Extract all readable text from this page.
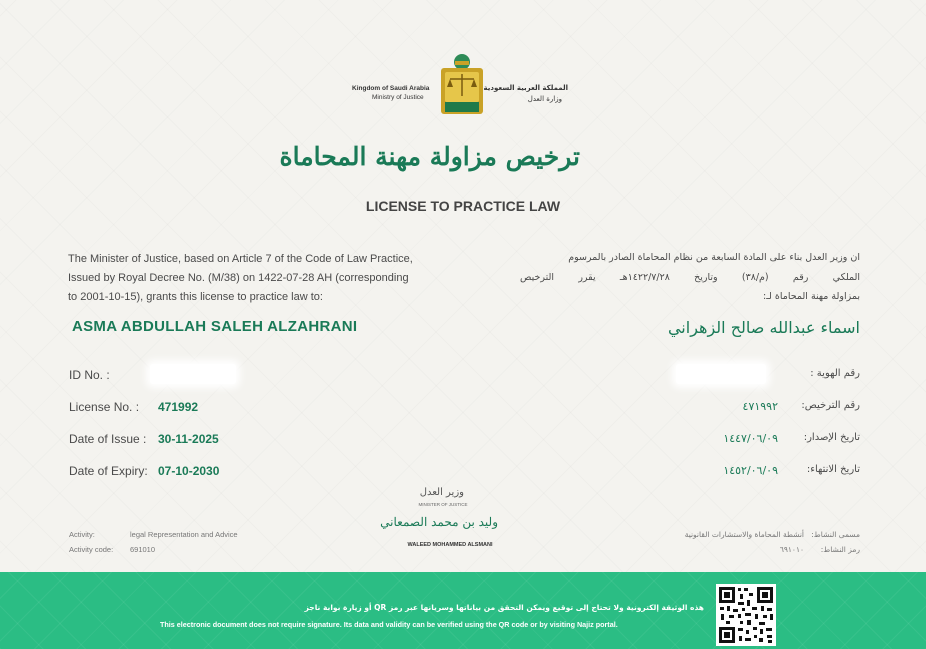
Kingdom of Saudi Arabia
Ministry of Justice
المملكة العربية السعودية
وزارة العدل
ترخيص مزاولة مهنة المحاماة
LICENSE TO PRACTICE LAW
The Minister of Justice, based on Article 7 of the Code of Law Practice,
Issued by Royal Decree No. (M/38) on 1422-07-28 AH (corresponding
to 2001-10-15), grants this license to practice law to:
ان وزير العدل بناء على المادة السابعة من نظام المحاماة الصادر بالمرسوم
الملكي رقم (م/٣٨) وتاريخ ١٤٢٢/٧/٢٨هـ يقرر الترخيص
بمزاولة مهنة المحاماة لـ:
ASMA ABDULLAH SALEH ALZAHRANI	اسماء عبدالله صالح الزهراني
ID No. :	رقم الهوية :
License No. : 471992	٤٧١٩٩٢	رقم الترخيص:
Date of Issue : 30-11-2025	١٤٤٧/٠٦/٠٩	تاريخ الإصدار:
Date of Expiry: 07-10-2030	١٤٥٢/٠٦/٠٩	تاريخ الانتهاء:
وزير العدل
MINISTER OF JUSTICE
وليد بن محمد الصمعاني
WALEED MOHAMMED ALSMANI
Activity:	legal Representation and Advice
Activity code: 691010
أنشطة المحاماة والاستشارات القانونية مسمى النشاط:
٦٩١٠١٠	رمز النشاط:
هذه الوثيقة إلكترونية ولا تحتاج إلى توقيع ويمكن التحقق من بياناتها وسريانها عبر رمز QR أو زيارة بوابة ناجز
This electronic document does not require signature. Its data and validity can be verified using the QR code or by visiting Najiz portal.
